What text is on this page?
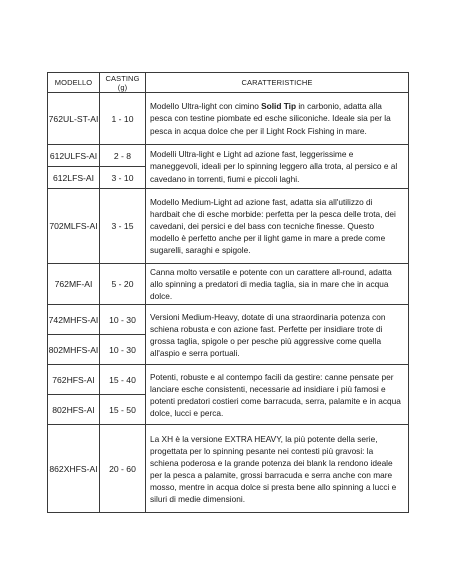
MODELLO	CASTING (g)	CARATTERISTICHE
762UL-ST-AI	1 - 10	Modello Ultra-light con cimino Solid Tip in carbonio, adatta alla pesca con testine piombate ed esche siliconiche. Ideale sia per la pesca in acqua dolce che per il Light Rock Fishing in mare.

612ULFS-AI	2 - 8	Modelli Ultra-light e Light ad azione fast, leggerissime e maneggevoli, ideali per lo spinning leggero alla trota, al persico e al cavedano in torrenti, fiumi e piccoli laghi.

612LFS-AI	3 - 10	
702MLFS-AI	3 - 15	Modello Medium-Light ad azione fast, adatta sia all'utilizzo di hardbait che di esche morbide: perfetta per la pesca delle trota, dei cavedani, dei persici e del bass con tecniche finesse. Questo modello è perfetto anche per il light game in mare a prede come sugarelli, saraghi e spigole.

762MF-AI	5 - 20	Canna molto versatile e potente con un carattere all-round, adatta allo spinning a predatori di media taglia, sia in mare che in acqua dolce.

742MHFS-AI	10 - 30	Versioni Medium-Heavy, dotate di una straordinaria potenza con schiena robusta e con azione fast. Perfette per insidiare trote di grossa taglia, spigole o per pesche più aggressive come quella all'aspio e serra portuali.

802MHFS-AI	10 - 30	
762HFS-AI	15 - 40	Potenti, robuste e al contempo facili da gestire: canne pensate per lanciare esche consistenti, necessarie ad insidiare i più famosi e potenti predatori costieri come barracuda, serra, palamite e in acqua dolce, lucci e perca.

802HFS-AI	15 - 50	
862XHFS-AI	20 - 60	La XH è la versione EXTRA HEAVY, la più potente della serie, progettata per lo spinning pesante nei contesti più gravosi: la schiena poderosa e la grande potenza dei blank la rendono ideale per la pesca a palamite, grossi barracuda e serra anche con mare mosso, mentre in acqua dolce si presta bene allo spinning a lucci e siluri di medie dimensioni.
